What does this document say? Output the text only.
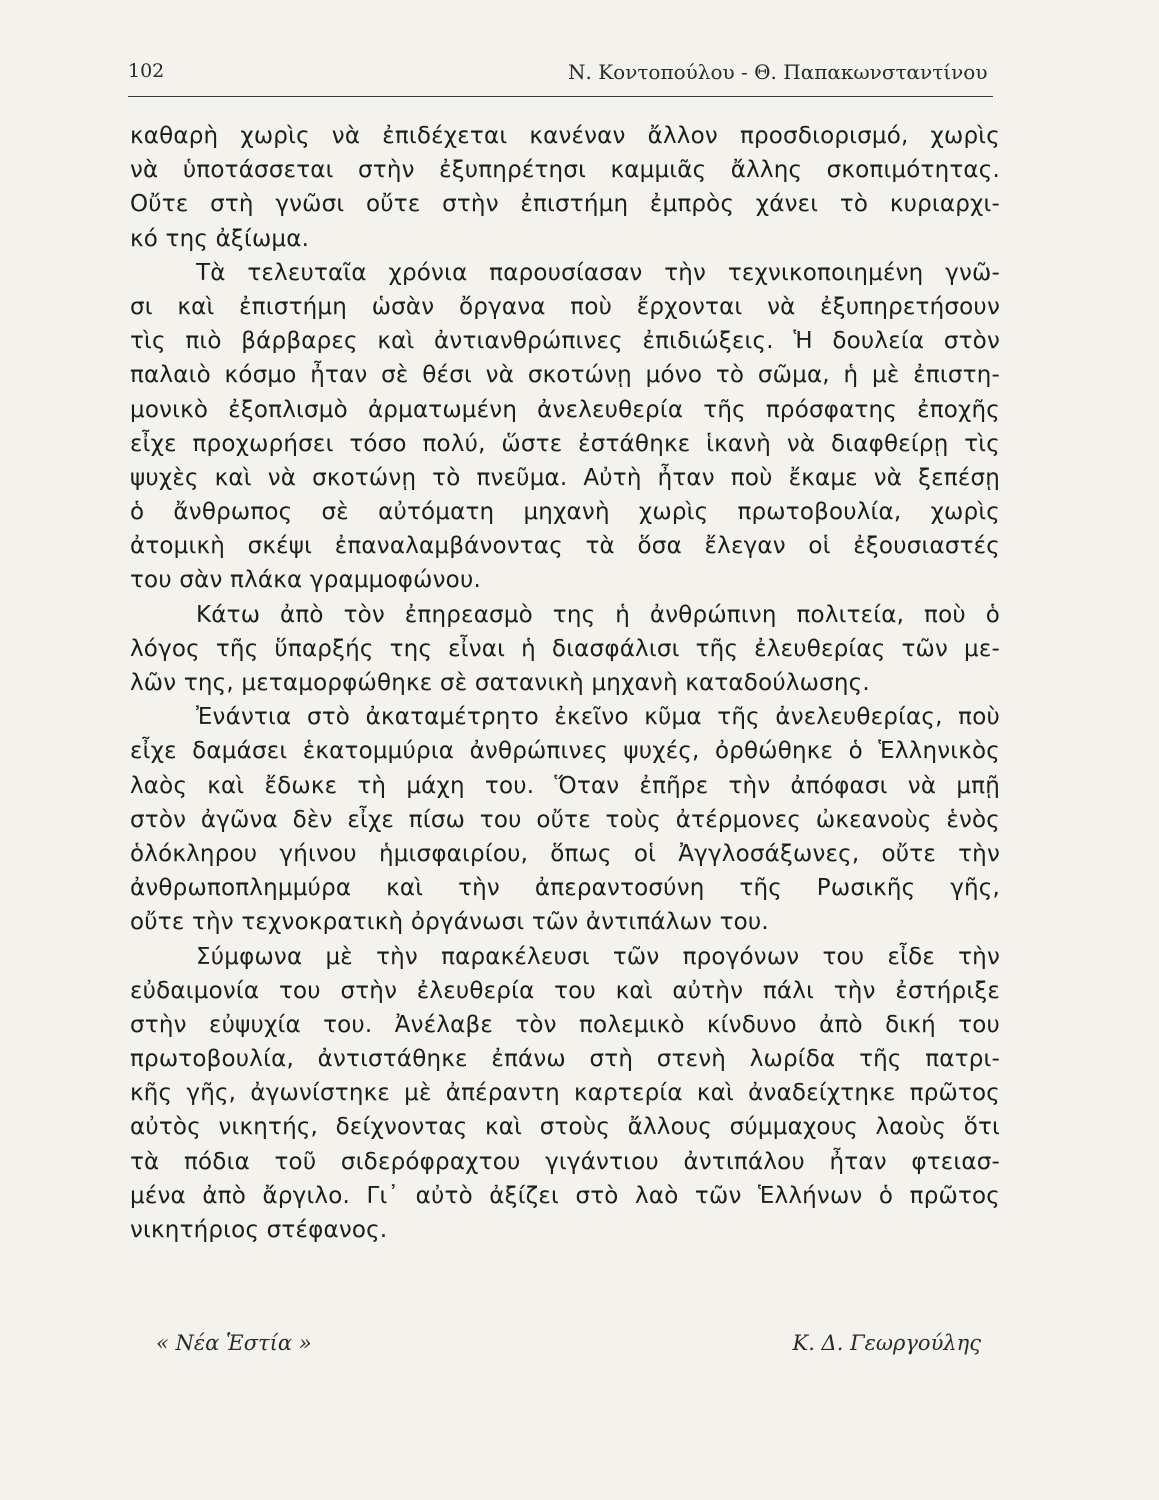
102	Ν. Κοντοπούλου - Θ. Παπακωνσταντίνου
καθαρὴ χωρὶς νὰ ἐπιδέχεται κανέναν ἄλλον προσδιορισμό, χωρὶς
νὰ ὑποτάσσεται στὴν ἐξυπηρέτησι καμμιᾶς ἄλλης σκοπιμότητας.
Οὔτε στὴ γνῶσι οὔτε στὴν ἐπιστήμη ἐμπρὸς χάνει τὸ κυριαρχι-
κό της ἀξίωμα.
Τὰ τελευταῖα χρόνια παρουσίασαν τὴν τεχνικοποιημένη γνῶ-
σι καὶ ἐπιστήμη ὡσὰν ὄργανα ποὺ ἔρχονται νὰ ἐξυπηρετήσουν
τὶς πιὸ βάρβαρες καὶ ἀντιανθρώπινες ἐπιδιώξεις. Ἡ δουλεία στὸν
παλαιὸ κόσμο ἦταν σὲ θέσι νὰ σκοτώνῃ μόνο τὸ σῶμα, ἡ μὲ ἐπιστη-
μονικὸ ἐξοπλισμὸ ἀρματωμένη ἀνελευθερία τῆς πρόσφατης ἐποχῆς
εἶχε προχωρήσει τόσο πολύ, ὥστε ἐστάθηκε ἱκανὴ νὰ διαφθείρῃ τὶς
ψυχὲς καὶ νὰ σκοτώνῃ τὸ πνεῦμα. Αὐτὴ ἦταν ποὺ ἔκαμε νὰ ξεπέσῃ
ὁ ἄνθρωπος σὲ αὐτόματη μηχανὴ χωρὶς πρωτοβουλία, χωρὶς
ἀτομικὴ σκέψι ἐπαναλαμβάνοντας τὰ ὅσα ἔλεγαν οἱ ἐξουσιαστές
του σὰν πλάκα γραμμοφώνου.
Κάτω ἀπὸ τὸν ἐπηρεασμὸ της ἡ ἀνθρώπινη πολιτεία, ποὺ ὁ
λόγος τῆς ὕπαρξής της εἶναι ἡ διασφάλισι τῆς ἐλευθερίας τῶν με-
λῶν της, μεταμορφώθηκε σὲ σατανικὴ μηχανὴ καταδούλωσης.
Ἐνάντια στὸ ἀκαταμέτρητο ἐκεῖνο κῦμα τῆς ἀνελευθερίας, ποὺ
εἶχε δαμάσει ἑκατομμύρια ἀνθρώπινες ψυχές, ὀρθώθηκε ὁ Ἑλληνικὸς
λαὸς καὶ ἔδωκε τὴ μάχη του. Ὅταν ἐπῆρε τὴν ἀπόφασι νὰ μπῇ
στὸν ἀγῶνα δὲν εἶχε πίσω του οὔτε τοὺς ἀτέρμονες ὠκεανοὺς ἑνὸς
ὁλόκληρου γήινου ἡμισφαιρίου, ὅπως οἱ Ἀγγλοσάξωνες, οὔτε τὴν
ἀνθρωποπλημμύρα καὶ τὴν ἀπεραντοσύνη τῆς Ρωσικῆς γῆς,
οὔτε τὴν τεχνοκρατικὴ ὀργάνωσι τῶν ἀντιπάλων του.
Σύμφωνα μὲ τὴν παρακέλευσι τῶν προγόνων του εἶδε τὴν
εὐδαιμονία του στὴν ἐλευθερία του καὶ αὐτὴν πάλι τὴν ἐστήριξε
στὴν εὐψυχία του. Ἀνέλαβε τὸν πολεμικὸ κίνδυνο ἀπὸ δική του
πρωτοβουλία, ἀντιστάθηκε ἐπάνω στὴ στενὴ λωρίδα τῆς πατρι-
κῆς γῆς, ἀγωνίστηκε μὲ ἀπέραντη καρτερία καὶ ἀναδείχτηκε πρῶτος
αὐτὸς νικητής, δείχνοντας καὶ στοὺς ἄλλους σύμμαχους λαοὺς ὅτι
τὰ πόδια τοῦ σιδερόφραχτου γιγάντιου ἀντιπάλου ἦταν φτειασ-
μένα ἀπὸ ἄργιλο. Γι᾽ αὐτὸ ἀξίζει στὸ λαὸ τῶν Ἑλλήνων ὁ πρῶτος
νικητήριος στέφανος.
« Νέα Ἑστία »	Κ. Δ. Γεωργούλης
